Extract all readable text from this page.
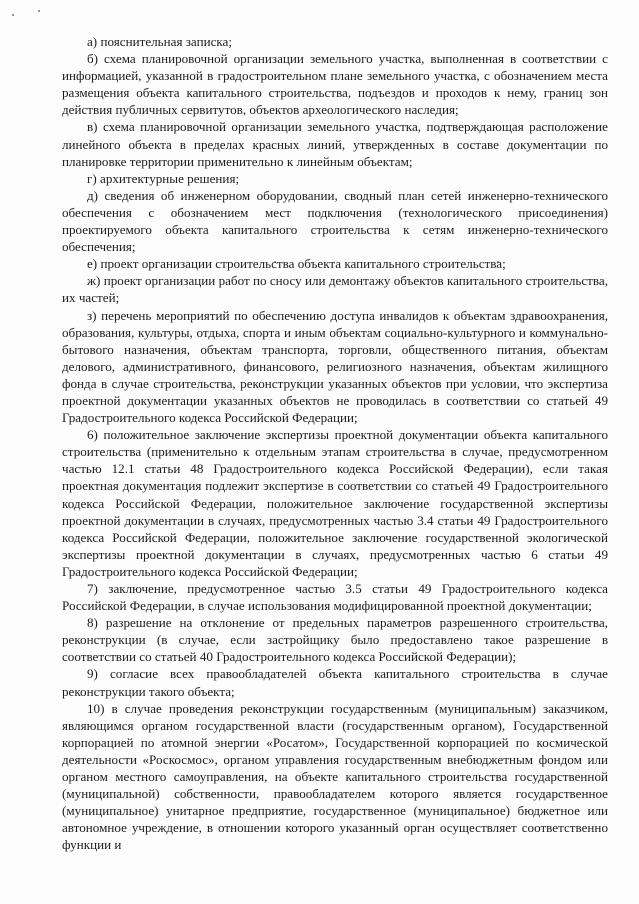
а) пояснительная записка;

б) схема планировочной организации земельного участка, выполненная в соответствии с информацией, указанной в градостроительном плане земельного участка, с обозначением места размещения объекта капитального строительства, подъездов и проходов к нему, границ зон действия публичных сервитутов, объектов археологического наследия;

в) схема планировочной организации земельного участка, подтверждающая расположение линейного объекта в пределах красных линий, утвержденных в составе документации по планировке территории применительно к линейным объектам;

г) архитектурные решения;

д) сведения об инженерном оборудовании, сводный план сетей инженерно-технического обеспечения с обозначением мест подключения (технологического присоединения) проектируемого объекта капитального строительства к сетям инженерно-технического обеспечения;

е) проект организации строительства объекта капитального строительства;

ж) проект организации работ по сносу или демонтажу объектов капитального строительства, их частей;

з) перечень мероприятий по обеспечению доступа инвалидов к объектам здравоохранения, образования, культуры, отдыха, спорта и иным объектам социально-культурного и коммунально-бытового назначения, объектам транспорта, торговли, общественного питания, объектам делового, административного, финансового, религиозного назначения, объектам жилищного фонда в случае строительства, реконструкции указанных объектов при условии, что экспертиза проектной документации указанных объектов не проводилась в соответствии со статьей 49 Градостроительного кодекса Российской Федерации;

6) положительное заключение экспертизы проектной документации объекта капитального строительства (применительно к отдельным этапам строительства в случае, предусмотренном частью 12.1 статьи 48 Градостроительного кодекса Российской Федерации), если такая проектная документация подлежит экспертизе в соответствии со статьей 49 Градостроительного кодекса Российской Федерации, положительное заключение государственной экспертизы проектной документации в случаях, предусмотренных частью 3.4 статьи 49 Градостроительного кодекса Российской Федерации, положительное заключение государственной экологической экспертизы проектной документации в случаях, предусмотренных частью 6 статьи 49 Градостроительного кодекса Российской Федерации;

7) заключение, предусмотренное частью 3.5 статьи 49 Градостроительного кодекса Российской Федерации, в случае использования модифицированной проектной документации;

8) разрешение на отклонение от предельных параметров разрешенного строительства, реконструкции (в случае, если застройщику было предоставлено такое разрешение в соответствии со статьей 40 Градостроительного кодекса Российской Федерации);

9) согласие всех правообладателей объекта капитального строительства в случае реконструкции такого объекта;

10) в случае проведения реконструкции государственным (муниципальным) заказчиком, являющимся органом государственной власти (государственным органом), Государственной корпорацией по атомной энергии «Росатом», Государственной корпорацией по космической деятельности «Роскосмос», органом управления государственным внебюджетным фондом или органом местного самоуправления, на объекте капитального строительства государственной (муниципальной) собственности, правообладателем которого является государственное (муниципальное) унитарное предприятие, государственное (муниципальное) бюджетное или автономное учреждение, в отношении которого указанный орган осуществляет соответственно функции и
